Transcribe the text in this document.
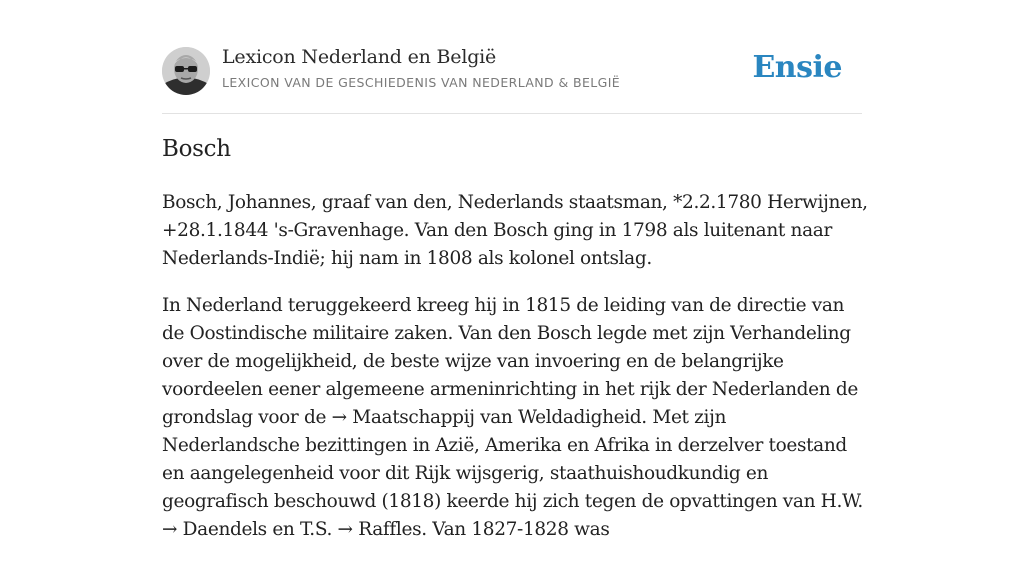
Lexicon Nederland en België
LEXICON VAN DE GESCHIEDENIS VAN NEDERLAND & BELGIË	Ensie
Bosch

Bosch, Johannes, graaf van den, Nederlands staatsman, *2.2.1780 Herwijnen, +28.1.1844 's-Gravenhage. Van den Bosch ging in 1798 als luitenant naar Nederlands-Indië; hij nam in 1808 als kolonel ontslag.

In Nederland teruggekeerd kreeg hij in 1815 de leiding van de directie van de Oostindische militaire zaken. Van den Bosch legde met zijn Verhandeling over de mogelijkheid, de beste wijze van invoering en de belangrijke voordeelen eener algemeene armeninrichting in het rijk der Nederlanden de grondslag voor de → Maatschappij van Weldadigheid. Met zijn Nederlandsche bezittingen in Azië, Amerika en Afrika in derzelver toestand en aangelegenheid voor dit Rijk wijsgerig, staathuishoudkundig en geografisch beschouwd (1818) keerde hij zich tegen de opvattingen van H.W. → Daendels en T.S. → Raffles. Van 1827-1828 was
